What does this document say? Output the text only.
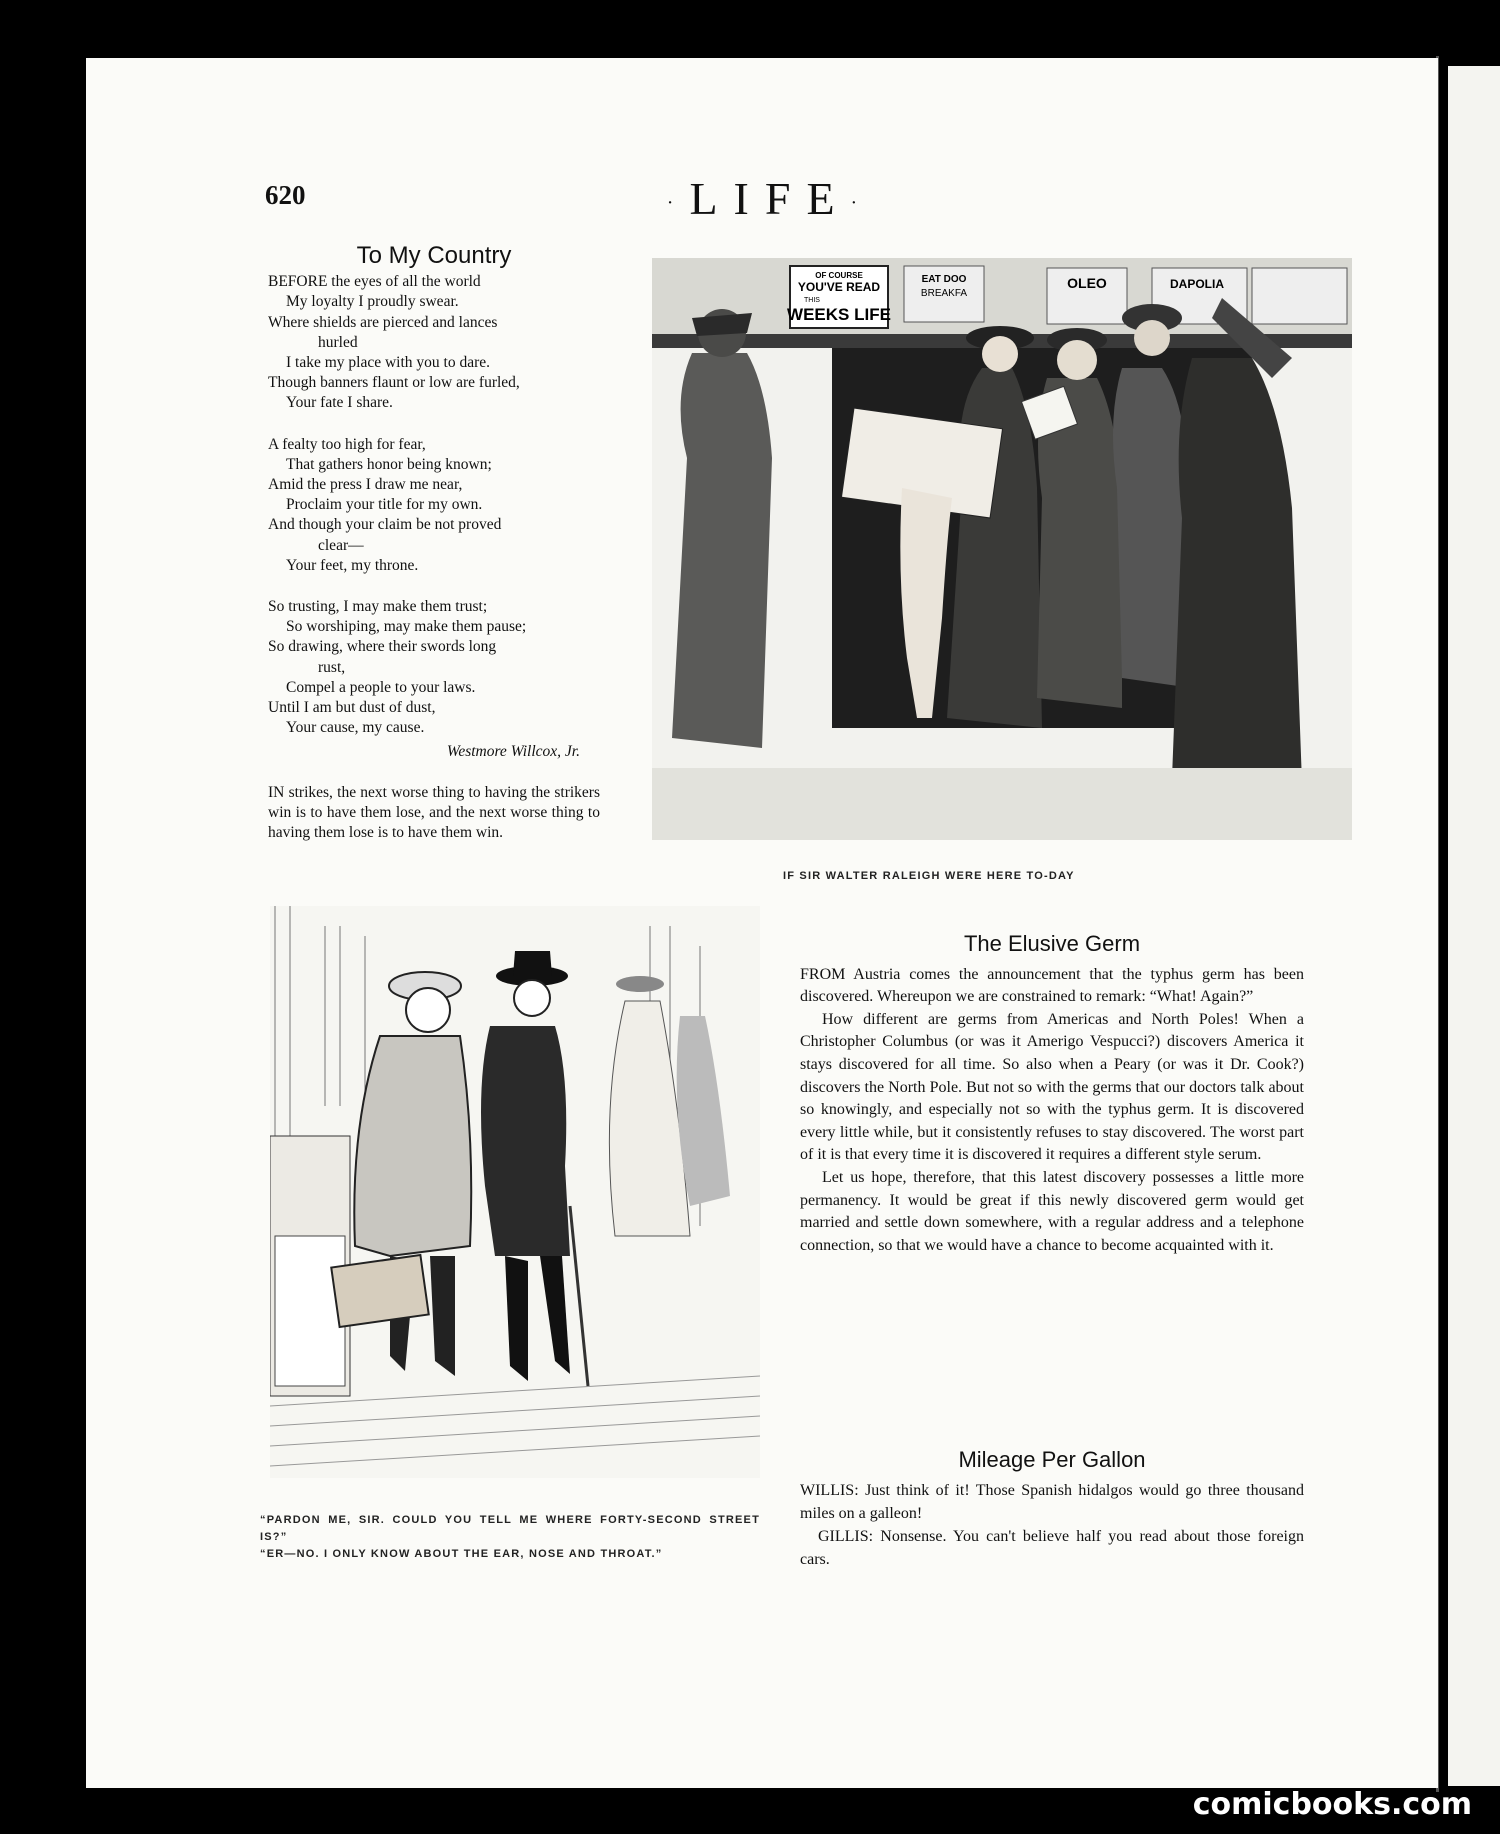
620	·LIFE·
To My Country
BEFORE the eyes of all the world
My loyalty I proudly swear.
Where shields are pierced and lances
hurled
I take my place with you to dare.
Though banners flaunt or low are furled,
Your fate I share.
A fealty too high for fear,
That gathers honor being known;
Amid the press I draw me near,
Proclaim your title for my own.
And though your claim be not proved
clear—
Your feet, my throne.
So trusting, I may make them trust;
So worshiping, may make them pause;
So drawing, where their swords long
rust,
Compel a people to your laws.
Until I am but dust of dust,
Your cause, my cause.
Westmore Willcox, Jr.
IN strikes, the next worse thing to having the strikers win is to have them lose, and the next worse thing to having them lose is to have them win.
OF COURSE
YOU'VE READ
THIS
WEEKS LIFE
EAT DOO
BREAKFA
OLEO	DAPOLIA
IF SIR WALTER RALEIGH WERE HERE TO-DAY
“PARDON ME, SIR. COULD YOU TELL ME WHERE FORTY-SECOND STREET IS?”
“ER—NO. I ONLY KNOW ABOUT THE EAR, NOSE AND THROAT.”
The Elusive Germ

FROM Austria comes the announcement that the typhus germ has been discovered. Whereupon we are constrained to remark: “What! Again?”

How different are germs from Americas and North Poles! When a Christopher Columbus (or was it Amerigo Vespucci?) discovers America it stays discovered for all time. So also when a Peary (or was it Dr. Cook?) discovers the North Pole. But not so with the germs that our doctors talk about so knowingly, and especially not so with the typhus germ. It is discovered every little while, but it consistently refuses to stay discovered. The worst part of it is that every time it is discovered it requires a different style serum.

Let us hope, therefore, that this latest discovery possesses a little more permanency. It would be great if this newly discovered germ would get married and settle down somewhere, with a regular address and a telephone connection, so that we would have a chance to become acquainted with it.

Mileage Per Gallon

WILLIS: Just think of it! Those Spanish hidalgos would go three thousand miles on a galleon!

GILLIS: Nonsense. You can't believe half you read about those foreign cars.

comicbooks.com
